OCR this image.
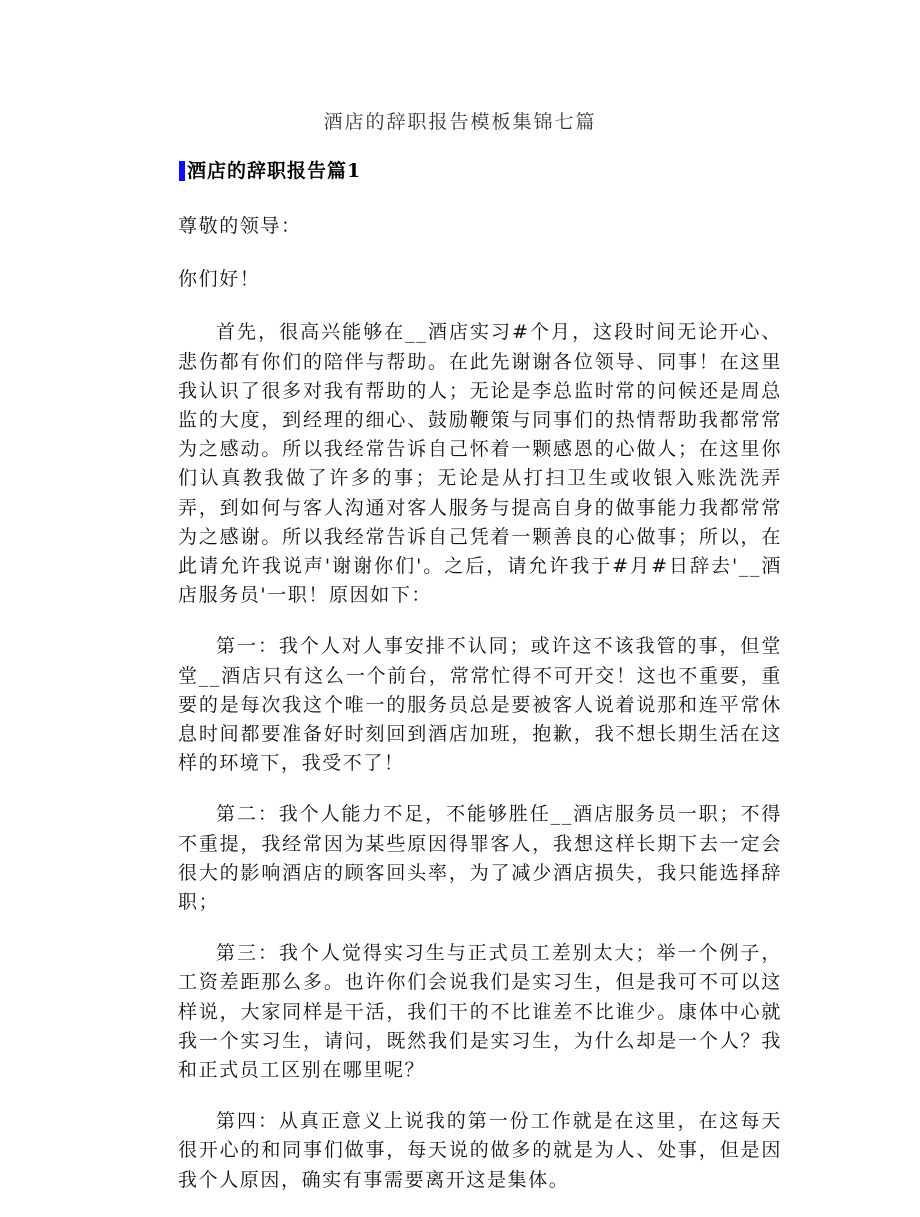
酒店的辞职报告模板集锦七篇
酒店的辞职报告篇1

尊敬的领导：

你们好！

首先，很高兴能够在__酒店实习#个月，这段时间无论开心、悲伤都有你们的陪伴与帮助。在此先谢谢各位领导、同事！在这里我认识了很多对我有帮助的人；无论是李总监时常的问候还是周总监的大度，到经理的细心、鼓励鞭策与同事们的热情帮助我都常常为之感动。所以我经常告诉自己怀着一颗感恩的心做人；在这里你们认真教我做了许多的事；无论是从打扫卫生或收银入账洗洗弄弄，到如何与客人沟通对客人服务与提高自身的做事能力我都常常为之感谢。所以我经常告诉自己凭着一颗善良的心做事；所以，在此请允许我说声'谢谢你们'。之后，请允许我于#月#日辞去'__酒店服务员'一职！原因如下：

第一：我个人对人事安排不认同；或许这不该我管的事，但堂堂__酒店只有这么一个前台，常常忙得不可开交！这也不重要，重要的是每次我这个唯一的服务员总是要被客人说着说那和连平常休息时间都要准备好时刻回到酒店加班，抱歉，我不想长期生活在这样的环境下，我受不了！

第二：我个人能力不足，不能够胜任__酒店服务员一职；不得不重提，我经常因为某些原因得罪客人，我想这样长期下去一定会很大的影响酒店的顾客回头率，为了减少酒店损失，我只能选择辞职；

第三：我个人觉得实习生与正式员工差别太大；举一个例子，工资差距那么多。也许你们会说我们是实习生，但是我可不可以这样说，大家同样是干活，我们干的不比谁差不比谁少。康体中心就我一个实习生，请问，既然我们是实习生，为什么却是一个人？我和正式员工区别在哪里呢？

第四：从真正意义上说我的第一份工作就是在这里，在这每天很开心的和同事们做事，每天说的做多的就是为人、处事，但是因我个人原因，确实有事需要离开这是集体。
